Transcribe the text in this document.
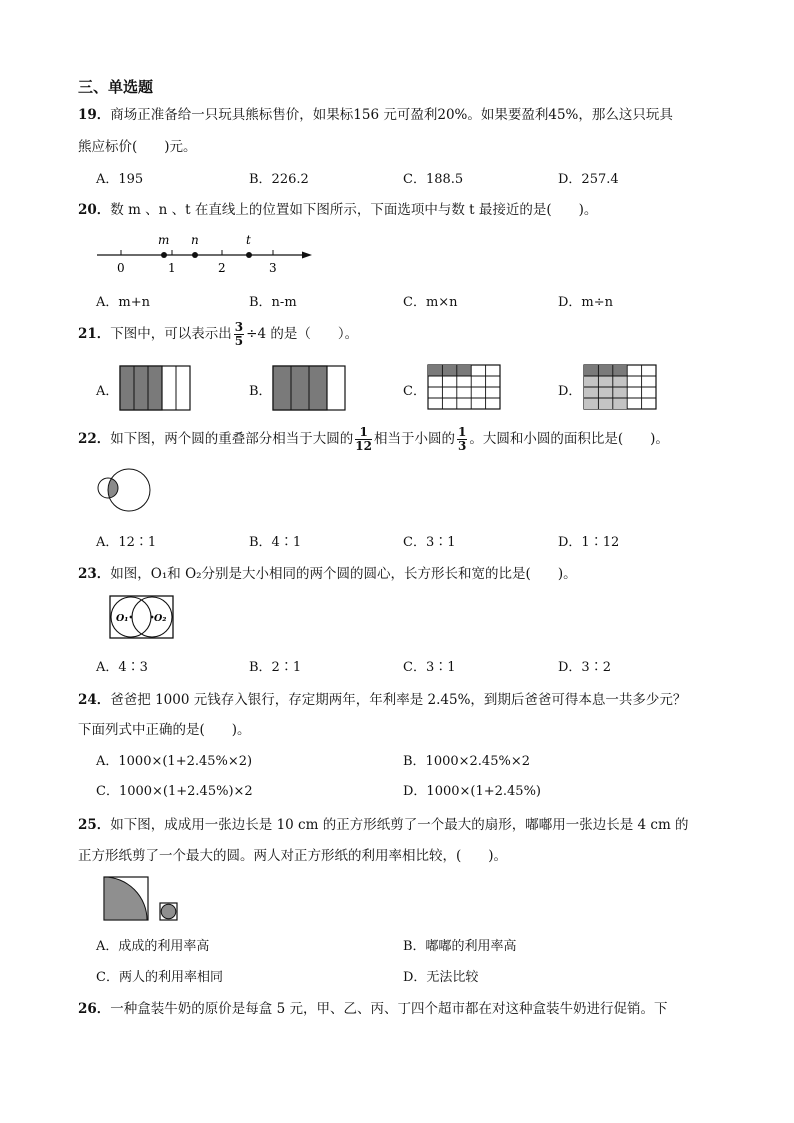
三、单选题
19．商场正准备给一只玩具熊标售价，如果标156 元可盈利20%。如果要盈利45%，那么这只玩具
熊应标价(　　)元。
A．195	B．226.2	C．188.5	D．257.4
20．数 m 、n 、t 在直线上的位置如下图所示，下面选项中与数 t 最接近的是(　　)。
m n	t
0	1	2	3
A．m+n	B．n-m	C．m×n	D．m÷n
21．下图中，可以表示出 $\frac{3}{5} \div 4$ 的是（　　）。
A．	B．	C．	D．
22．如下图，两个圆的重叠部分相当于大圆的 $\frac{1}{12}$ 相当于小圆的 $\frac{1}{3}$ 。大圆和小圆的面积比是(　　)。
A．12∶1	B．4∶1	C．3∶1	D．1∶12
23．如图，O₁和 O₂分别是大小相同的两个圆的圆心，长方形长和宽的比是(　　)。
O₁	O₂
A．4∶3	B．2∶1	C．3∶1	D．3∶2
24．爸爸把 1000 元钱存入银行，存定期两年，年利率是 2.45%，到期后爸爸可得本息一共多少元？
下面列式中正确的是(　　)。
A．1000×(1+2.45%×2)	B．1000×2.45%×2
C．1000×(1+2.45%)×2	D．1000×(1+2.45%)
25．如下图，成成用一张边长是 10 cm 的正方形纸剪了一个最大的扇形，嘟嘟用一张边长是 4 cm 的
正方形纸剪了一个最大的圆。两人对正方形纸的利用率相比较，(　　)。
A．成成的利用率高	B．嘟嘟的利用率高
C．两人的利用率相同	D．无法比较
26．一种盒装牛奶的原价是每盒 5 元，甲、乙、丙、丁四个超市都在对这种盒装牛奶进行促销。下
